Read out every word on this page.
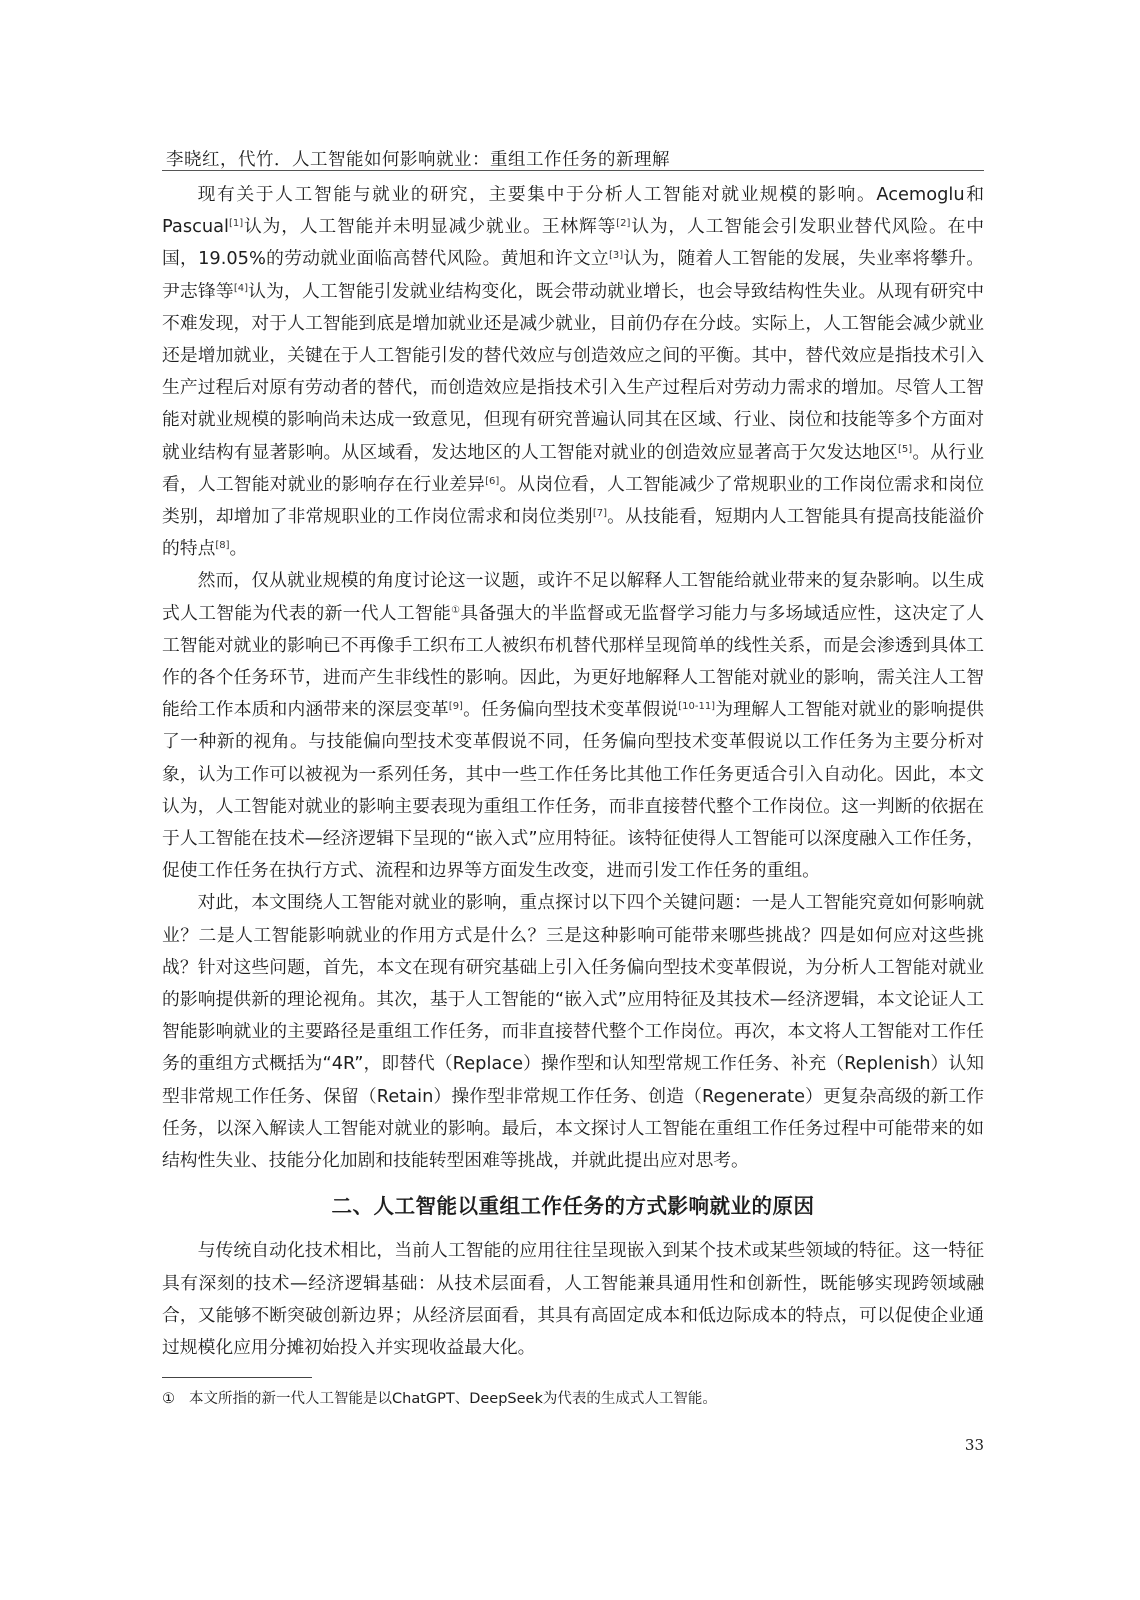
李晓红，代竹．人工智能如何影响就业：重组工作任务的新理解

现有关于人工智能与就业的研究，主要集中于分析人工智能对就业规模的影响。Acemoglu和Pascual[1]认为，人工智能并未明显减少就业。王林辉等[2]认为，人工智能会引发职业替代风险。在中国，19.05%的劳动就业面临高替代风险。黄旭和许文立[3]认为，随着人工智能的发展，失业率将攀升。尹志锋等[4]认为，人工智能引发就业结构变化，既会带动就业增长，也会导致结构性失业。从现有研究中不难发现，对于人工智能到底是增加就业还是减少就业，目前仍存在分歧。实际上，人工智能会减少就业还是增加就业，关键在于人工智能引发的替代效应与创造效应之间的平衡。其中，替代效应是指技术引入生产过程后对原有劳动者的替代，而创造效应是指技术引入生产过程后对劳动力需求的增加。尽管人工智能对就业规模的影响尚未达成一致意见，但现有研究普遍认同其在区域、行业、岗位和技能等多个方面对就业结构有显著影响。从区域看，发达地区的人工智能对就业的创造效应显著高于欠发达地区[5]。从行业看，人工智能对就业的影响存在行业差异[6]。从岗位看，人工智能减少了常规职业的工作岗位需求和岗位类别，却增加了非常规职业的工作岗位需求和岗位类别[7]。从技能看，短期内人工智能具有提高技能溢价的特点[8]。

然而，仅从就业规模的角度讨论这一议题，或许不足以解释人工智能给就业带来的复杂影响。以生成式人工智能为代表的新一代人工智能①具备强大的半监督或无监督学习能力与多场域适应性，这决定了人工智能对就业的影响已不再像手工织布工人被织布机替代那样呈现简单的线性关系，而是会渗透到具体工作的各个任务环节，进而产生非线性的影响。因此，为更好地解释人工智能对就业的影响，需关注人工智能给工作本质和内涵带来的深层变革[9]。任务偏向型技术变革假说[10-11]为理解人工智能对就业的影响提供了一种新的视角。与技能偏向型技术变革假说不同，任务偏向型技术变革假说以工作任务为主要分析对象，认为工作可以被视为一系列任务，其中一些工作任务比其他工作任务更适合引入自动化。因此，本文认为，人工智能对就业的影响主要表现为重组工作任务，而非直接替代整个工作岗位。这一判断的依据在于人工智能在技术—经济逻辑下呈现的“嵌入式”应用特征。该特征使得人工智能可以深度融入工作任务，促使工作任务在执行方式、流程和边界等方面发生改变，进而引发工作任务的重组。

对此，本文围绕人工智能对就业的影响，重点探讨以下四个关键问题：一是人工智能究竟如何影响就业？二是人工智能影响就业的作用方式是什么？三是这种影响可能带来哪些挑战？四是如何应对这些挑战？针对这些问题，首先，本文在现有研究基础上引入任务偏向型技术变革假说，为分析人工智能对就业的影响提供新的理论视角。其次，基于人工智能的“嵌入式”应用特征及其技术—经济逻辑，本文论证人工智能影响就业的主要路径是重组工作任务，而非直接替代整个工作岗位。再次，本文将人工智能对工作任务的重组方式概括为“4R”，即替代（Replace）操作型和认知型常规工作任务、补充（Replenish）认知型非常规工作任务、保留（Retain）操作型非常规工作任务、创造（Regenerate）更复杂高级的新工作任务，以深入解读人工智能对就业的影响。最后，本文探讨人工智能在重组工作任务过程中可能带来的如结构性失业、技能分化加剧和技能转型困难等挑战，并就此提出应对思考。

二、人工智能以重组工作任务的方式影响就业的原因

与传统自动化技术相比，当前人工智能的应用往往呈现嵌入到某个技术或某些领域的特征。这一特征具有深刻的技术—经济逻辑基础：从技术层面看，人工智能兼具通用性和创新性，既能够实现跨领域融合，又能够不断突破创新边界；从经济层面看，其具有高固定成本和低边际成本的特点，可以促使企业通过规模化应用分摊初始投入并实现收益最大化。

① 本文所指的新一代人工智能是以ChatGPT、DeepSeek为代表的生成式人工智能。
33
